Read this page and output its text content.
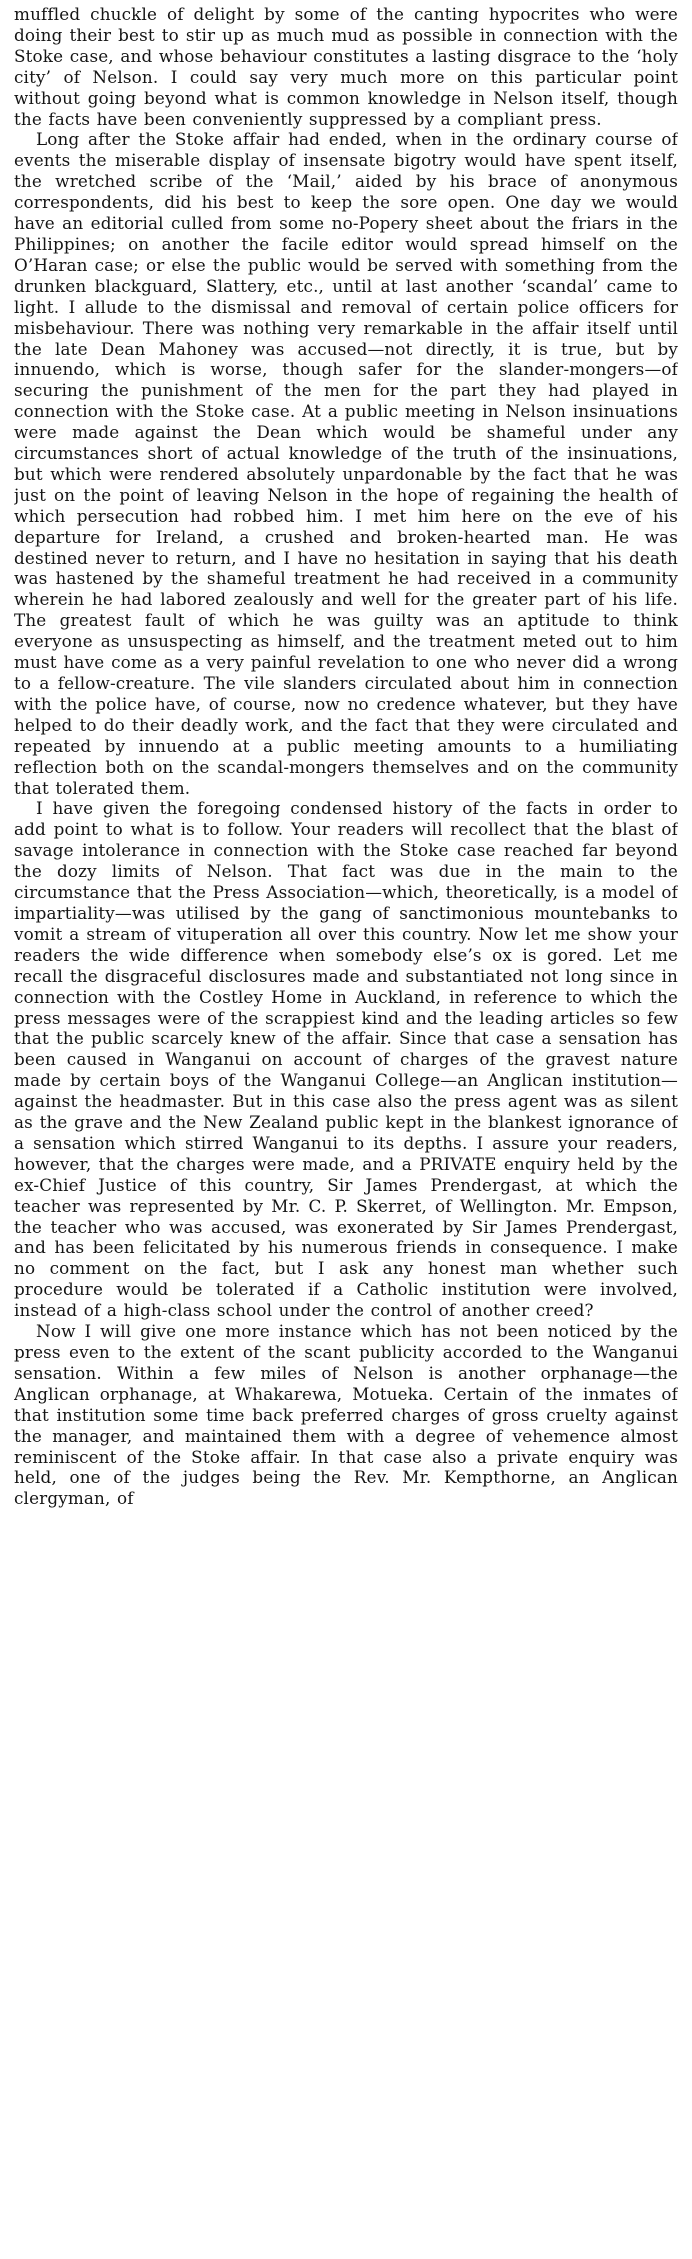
muffled chuckle of delight by some of the canting hypocrites who were doing their best to stir up as much mud as possible in connection with the Stoke case, and whose behaviour constitutes a lasting disgrace to the ‘holy city’ of Nelson. I could say very much more on this particular point without going beyond what is common knowledge in Nelson itself, though the facts have been conveniently suppressed by a compliant press.

Long after the Stoke affair had ended, when in the ordinary course of events the miserable display of insensate bigotry would have spent itself, the wretched scribe of the ‘Mail,’ aided by his brace of anonymous correspondents, did his best to keep the sore open. One day we would have an editorial culled from some no-Popery sheet about the friars in the Philippines; on another the facile editor would spread himself on the O’Haran case; or else the public would be served with something from the drunken blackguard, Slattery, etc., until at last another ‘scandal’ came to light. I allude to the dismissal and removal of certain police officers for misbehaviour. There was nothing very remarkable in the affair itself until the late Dean Mahoney was accused—not directly, it is true, but by innuendo, which is worse, though safer for the slander-mongers—of securing the punishment of the men for the part they had played in connection with the Stoke case. At a public meeting in Nelson insinuations were made against the Dean which would be shameful under any circumstances short of actual knowledge of the truth of the insinuations, but which were rendered absolutely unpardonable by the fact that he was just on the point of leaving Nelson in the hope of regaining the health of which persecution had robbed him. I met him here on the eve of his departure for Ireland, a crushed and broken-hearted man. He was destined never to return, and I have no hesitation in saying that his death was hastened by the shameful treatment he had received in a community wherein he had labored zealously and well for the greater part of his life. The greatest fault of which he was guilty was an aptitude to think everyone as unsuspecting as himself, and the treatment meted out to him must have come as a very painful revelation to one who never did a wrong to a fellow-creature. The vile slanders circulated about him in connection with the police have, of course, now no credence whatever, but they have helped to do their deadly work, and the fact that they were circulated and repeated by innuendo at a public meeting amounts to a humiliating reflection both on the scandal-mongers themselves and on the community that tolerated them.

I have given the foregoing condensed history of the facts in order to add point to what is to follow. Your readers will recollect that the blast of savage intolerance in connection with the Stoke case reached far beyond the dozy limits of Nelson. That fact was due in the main to the circumstance that the Press Association—which, theoretically, is a model of impartiality—was utilised by the gang of sanctimonious mountebanks to vomit a stream of vituperation all over this country. Now let me show your readers the wide difference when somebody else’s ox is gored. Let me recall the disgraceful disclosures made and substantiated not long since in connection with the Costley Home in Auckland, in reference to which the press messages were of the scrappiest kind and the leading articles so few that the public scarcely knew of the affair. Since that case a sensation has been caused in Wanganui on account of charges of the gravest nature made by certain boys of the Wanganui College—an Anglican institution—against the headmaster. But in this case also the press agent was as silent as the grave and the New Zealand public kept in the blankest ignorance of a sensation which stirred Wanganui to its depths. I assure your readers, however, that the charges were made, and a PRIVATE enquiry held by the ex-Chief Justice of this country, Sir James Prendergast, at which the teacher was represented by Mr. C. P. Skerret, of Wellington. Mr. Empson, the teacher who was accused, was exonerated by Sir James Prendergast, and has been felicitated by his numerous friends in consequence. I make no comment on the fact, but I ask any honest man whether such procedure would be tolerated if a Catholic institution were involved, instead of a high-class school under the control of another creed?

Now I will give one more instance which has not been noticed by the press even to the extent of the scant publicity accorded to the Wanganui sensation. Within a few miles of Nelson is another orphanage—the Anglican orphanage, at Whakarewa, Motueka. Certain of the inmates of that institution some time back preferred charges of gross cruelty against the manager, and maintained them with a degree of vehemence almost reminiscent of the Stoke affair. In that case also a private enquiry was held, one of the judges being the Rev. Mr. Kempthorne, an Anglican clergyman, of
